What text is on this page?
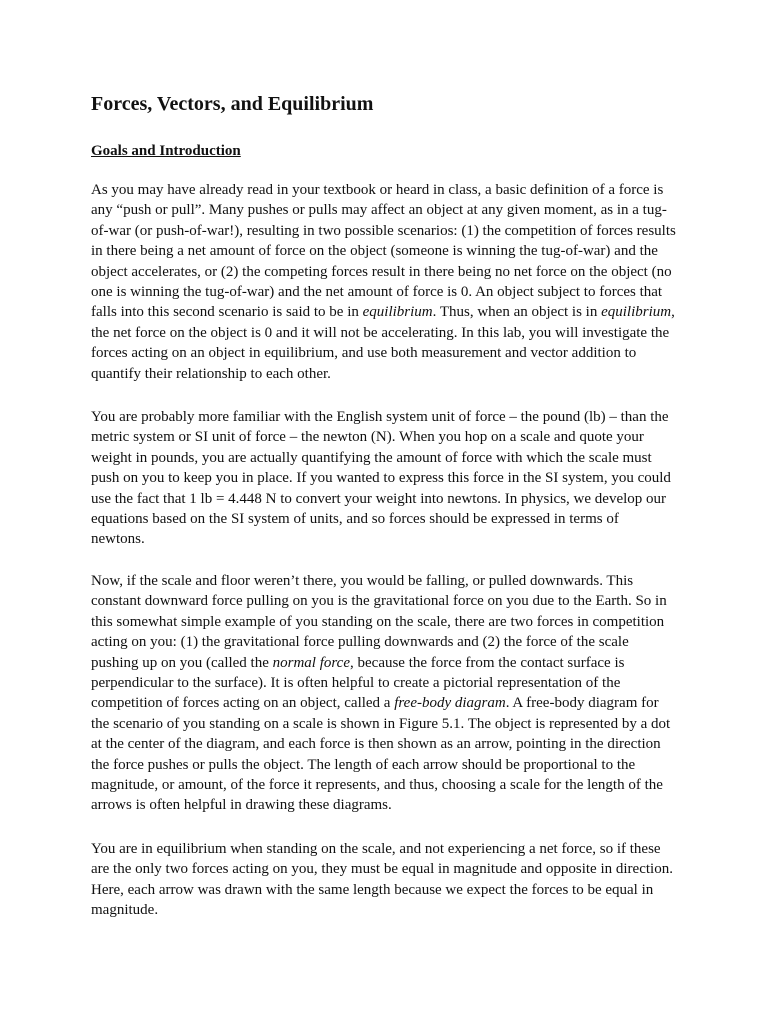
Forces, Vectors, and Equilibrium
Goals and Introduction
As you may have already read in your textbook or heard in class, a basic definition of a force is
any “push or pull”. Many pushes or pulls may affect an object at any given moment, as in a tug-
of-war (or push-of-war!), resulting in two possible scenarios: (1) the competition of forces results
in there being a net amount of force on the object (someone is winning the tug-of-war) and the
object accelerates, or (2) the competing forces result in there being no net force on the object (no
one is winning the tug-of-war) and the net amount of force is 0. An object subject to forces that
falls into this second scenario is said to be in equilibrium. Thus, when an object is in equilibrium,
the net force on the object is 0 and it will not be accelerating. In this lab, you will investigate the
forces acting on an object in equilibrium, and use both measurement and vector addition to
quantify their relationship to each other.
You are probably more familiar with the English system unit of force – the pound (lb) – than the
metric system or SI unit of force – the newton (N). When you hop on a scale and quote your
weight in pounds, you are actually quantifying the amount of force with which the scale must
push on you to keep you in place. If you wanted to express this force in the SI system, you could
use the fact that 1 lb = 4.448 N to convert your weight into newtons. In physics, we develop our
equations based on the SI system of units, and so forces should be expressed in terms of
newtons.
Now, if the scale and floor weren’t there, you would be falling, or pulled downwards. This
constant downward force pulling on you is the gravitational force on you due to the Earth. So in
this somewhat simple example of you standing on the scale, there are two forces in competition
acting on you: (1) the gravitational force pulling downwards and (2) the force of the scale
pushing up on you (called the normal force, because the force from the contact surface is
perpendicular to the surface). It is often helpful to create a pictorial representation of the
competition of forces acting on an object, called a free-body diagram. A free-body diagram for
the scenario of you standing on a scale is shown in Figure 5.1. The object is represented by a dot
at the center of the diagram, and each force is then shown as an arrow, pointing in the direction
the force pushes or pulls the object. The length of each arrow should be proportional to the
magnitude, or amount, of the force it represents, and thus, choosing a scale for the length of the
arrows is often helpful in drawing these diagrams.
You are in equilibrium when standing on the scale, and not experiencing a net force, so if these
are the only two forces acting on you, they must be equal in magnitude and opposite in direction.
Here, each arrow was drawn with the same length because we expect the forces to be equal in
magnitude.
